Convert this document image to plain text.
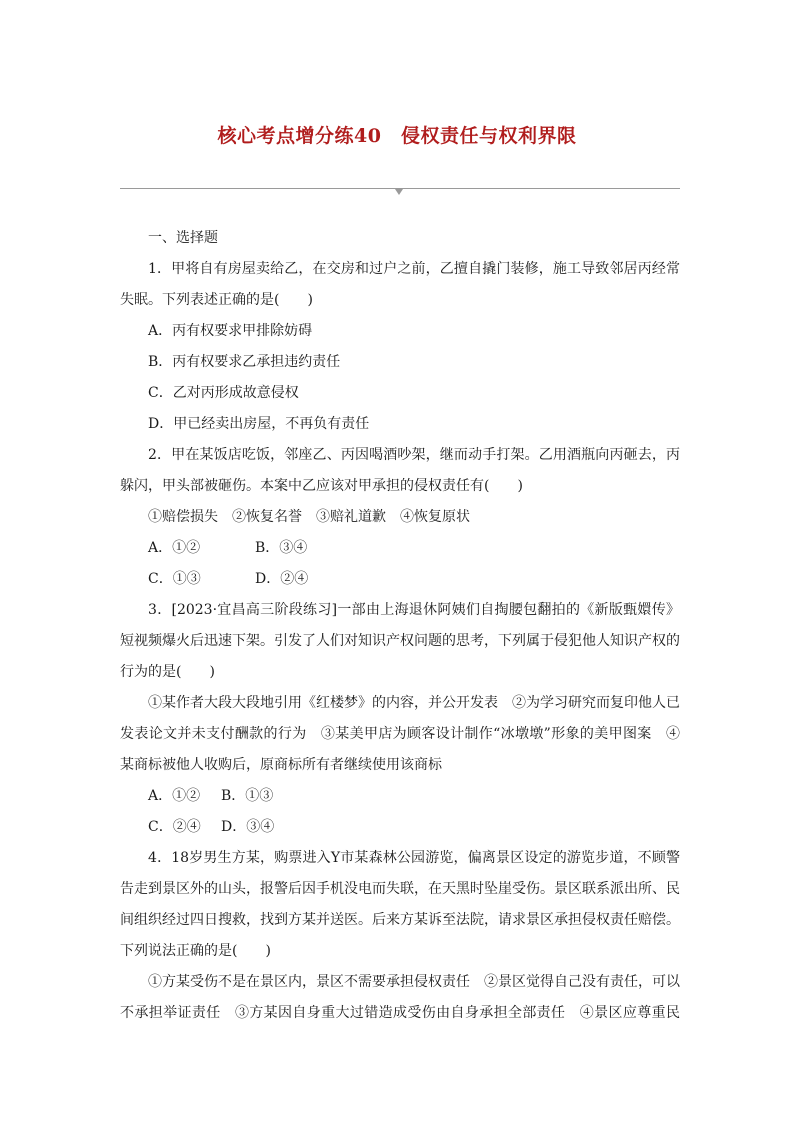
核心考点增分练40　侵权责任与权利界限
一、选择题
1．甲将自有房屋卖给乙，在交房和过户之前，乙擅自撬门装修，施工导致邻居丙经常
失眠。下列表述正确的是(　　)
A．丙有权要求甲排除妨碍
B．丙有权要求乙承担违约责任
C．乙对丙形成故意侵权
D．甲已经卖出房屋，不再负有责任
2．甲在某饭店吃饭，邻座乙、丙因喝酒吵架，继而动手打架。乙用酒瓶向丙砸去，丙
躲闪，甲头部被砸伤。本案中乙应该对甲承担的侵权责任有(　　)
①赔偿损失　②恢复名誉　③赔礼道歉　④恢复原状
A．①②	B．③④
C．①③	D．②④
3．[2023·宜昌高三阶段练习]一部由上海退休阿姨们自掏腰包翻拍的《新版甄嬛传》
短视频爆火后迅速下架。引发了人们对知识产权问题的思考，下列属于侵犯他人知识产权的
行为的是(　　)
①某作者大段大段地引用《红楼梦》的内容，并公开发表　②为学习研究而复印他人已
发表论文并未支付酬款的行为　③某美甲店为顾客设计制作“冰墩墩”形象的美甲图案　④
某商标被他人收购后，原商标所有者继续使用该商标
A．①② B．①③
C．②④ D．③④
4．18岁男生方某，购票进入Y市某森林公园游览，偏离景区设定的游览步道，不顾警
告走到景区外的山头，报警后因手机没电而失联，在天黑时坠崖受伤。景区联系派出所、民
间组织经过四日搜救，找到方某并送医。后来方某诉至法院，请求景区承担侵权责任赔偿。
下列说法正确的是(　　)
①方某受伤不是在景区内，景区不需要承担侵权责任　②景区觉得自己没有责任，可以
不承担举证责任　③方某因自身重大过错造成受伤由自身承担全部责任　④景区应尊重民
